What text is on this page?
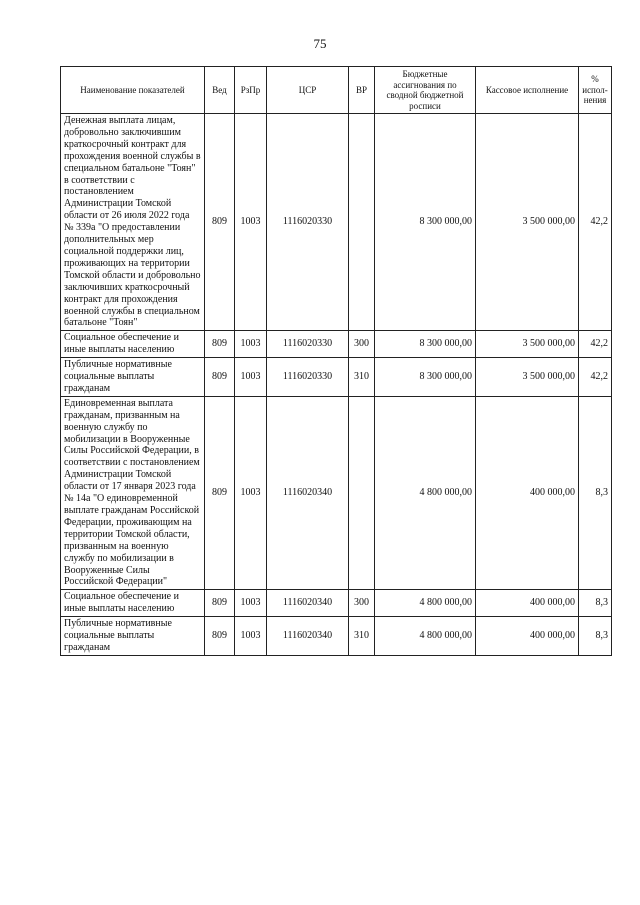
75
Наименование показателей	Вед	РзПр	ЦСР	ВР	Бюджетные ассигнования по сводной бюджетной росписи	Кассовое исполнение	% испол-нения
Денежная выплата лицам, добровольно заключившим краткосрочный контракт для прохождения военной службы в специальном батальоне "Тоян" в соответствии с постановлением Администрации Томской области от 26 июля 2022 года № 339а "О предоставлении дополнительных мер социальной поддержки лиц, проживающих на территории Томской области и добровольно заключивших краткосрочный контракт для прохождения военной службы в специальном батальоне "Тоян"	809	1003	1116020330		8 300 000,00	3 500 000,00	42,2
Социальное обеспечение и иные выплаты населению	809	1003	1116020330	300	8 300 000,00	3 500 000,00	42,2
Публичные нормативные социальные выплаты гражданам	809	1003	1116020330	310	8 300 000,00	3 500 000,00	42,2
Единовременная выплата гражданам, призванным на военную службу по мобилизации в Вооруженные Силы Российской Федерации, в соответствии с постановлением Администрации Томской области от 17 января 2023 года № 14а "О единовременной выплате гражданам Российской Федерации, проживающим на территории Томской области, призванным на военную службу по мобилизации в Вооруженные Силы Российской Федерации"	809	1003	1116020340		4 800 000,00	400 000,00	8,3
Социальное обеспечение и иные выплаты населению	809	1003	1116020340	300	4 800 000,00	400 000,00	8,3
Публичные нормативные социальные выплаты гражданам	809	1003	1116020340	310	4 800 000,00	400 000,00	8,3
